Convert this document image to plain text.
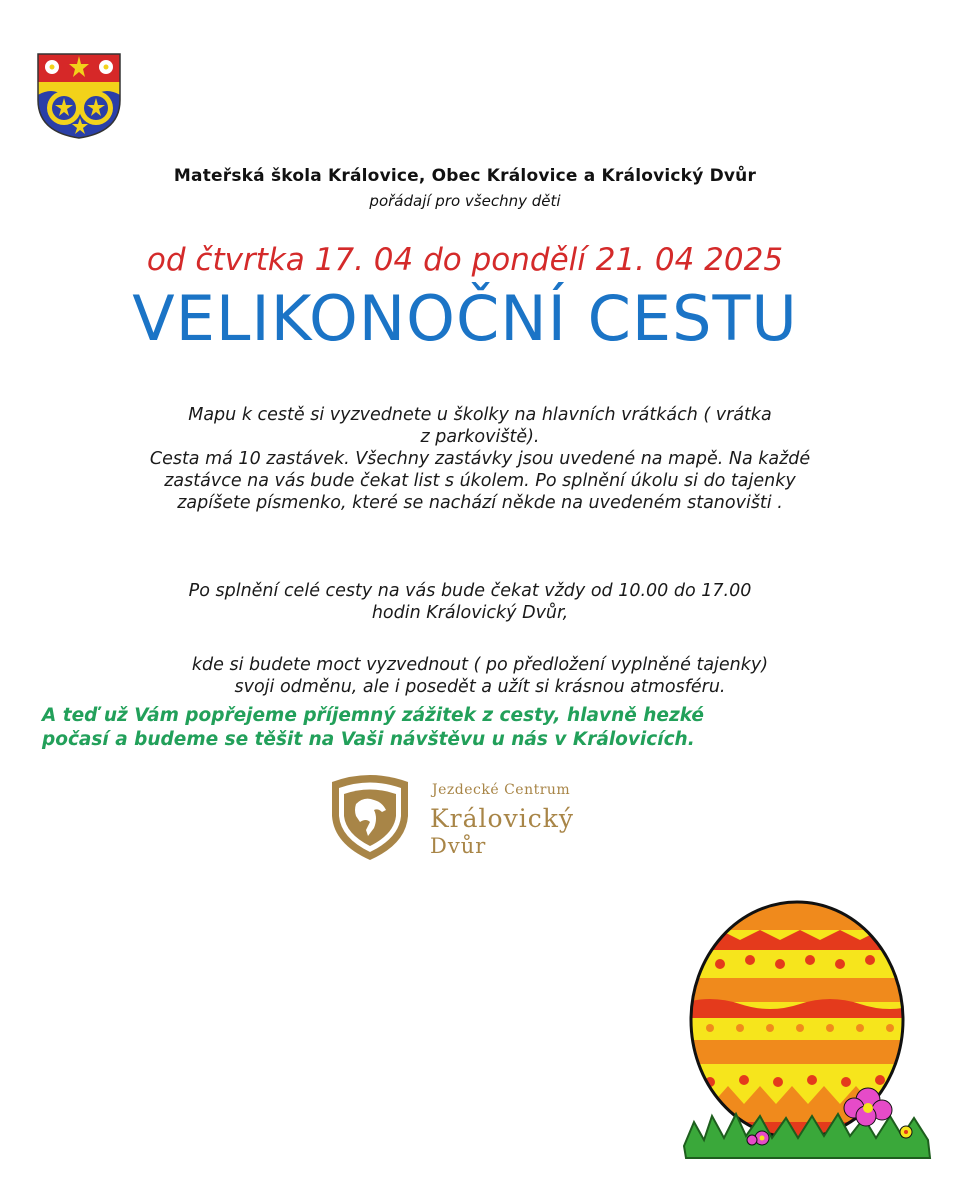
Mateřská škola Královice, Obec Královice a Královický Dvůr
pořádají pro všechny děti
od čtvrtka 17. 04 do pondělí 21. 04 2025
VELIKONOČNÍ CESTU
Mapu k cestě si vyzvednete u školky na hlavních vrátkách ( vrátka
z parkoviště).
Cesta má 10 zastávek. Všechny zastávky jsou uvedené na mapě. Na každé
zastávce na vás bude čekat list s úkolem. Po splnění úkolu si do tajenky
zapíšete písmenko, které se nachází někde na uvedeném stanovišti .
Po splnění celé cesty na vás bude čekat vždy od 10.00 do 17.00
hodin Královický Dvůr,
kde si budete moct vyzvednout ( po předložení vyplněné tajenky)
svoji odměnu, ale i posedět a užít si krásnou atmosféru.
A teď už Vám popřejeme příjemný zážitek z cesty, hlavně hezké
počasí a budeme se těšit na Vaši návštěvu u nás v Královicích.
Jezdecké Centrum
Královický
Dvůr
